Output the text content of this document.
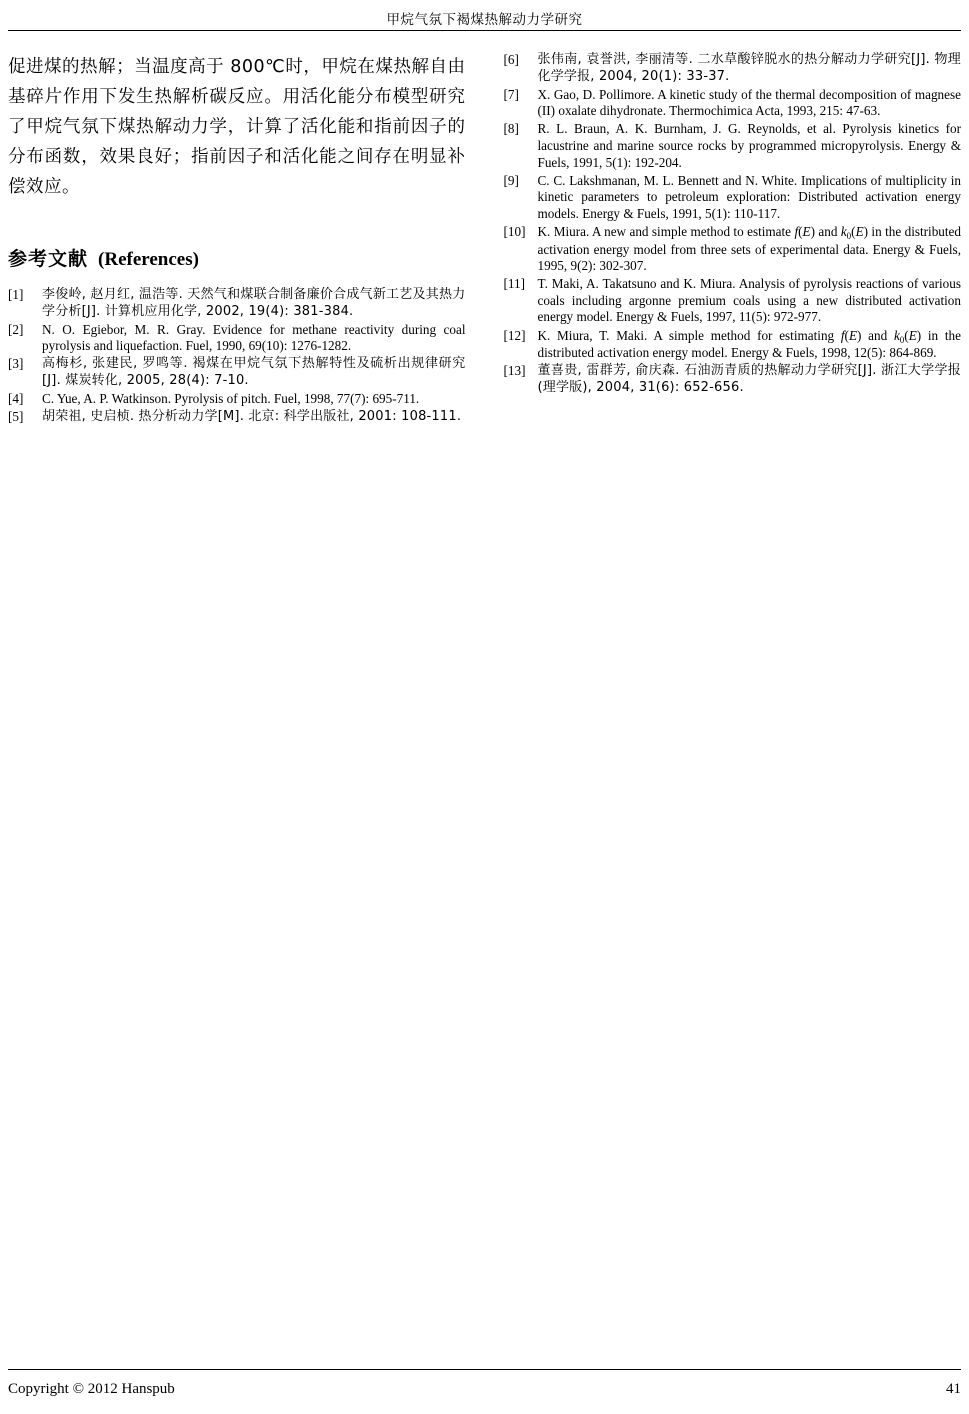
甲烷气氛下褐煤热解动力学研究
促进煤的热解；当温度高于 800℃时，甲烷在煤热解自由基碎片作用下发生热解析碳反应。用活化能分布模型研究了甲烷气氛下煤热解动力学，计算了活化能和指前因子的分布函数，效果良好；指前因子和活化能之间存在明显补偿效应。
参考文献 (References)
[1]	李俊岭, 赵月红, 温浩等. 天然气和煤联合制备廉价合成气新工艺及其热力学分析[J]. 计算机应用化学, 2002, 19(4): 381-384.
[2]	N. O. Egiebor, M. R. Gray. Evidence for methane reactivity during coal pyrolysis and liquefaction. Fuel, 1990, 69(10): 1276-1282.
[3]	高梅杉, 张建民, 罗鸣等. 褐煤在甲烷气氛下热解特性及硫析出规律研究[J]. 煤炭转化, 2005, 28(4): 7-10.
[4]	C. Yue, A. P. Watkinson. Pyrolysis of pitch. Fuel, 1998, 77(7): 695-711.
[5]	胡荣祖, 史启桢. 热分析动力学[M]. 北京: 科学出版社, 2001: 108-111.
[6]	张伟南, 袁誉洪, 李丽清等. 二水草酸锌脱水的热分解动力学研究[J]. 物理化学学报, 2004, 20(1): 33-37.
[7]	X. Gao, D. Pollimore. A kinetic study of the thermal decomposition of magnese (II) oxalate dihydronate. Thermochimica Acta, 1993, 215: 47-63.
[8]	R. L. Braun, A. K. Burnham, J. G. Reynolds, et al. Pyrolysis kinetics for lacustrine and marine source rocks by programmed micropyrolysis. Energy & Fuels, 1991, 5(1): 192-204.
[9]	C. C. Lakshmanan, M. L. Bennett and N. White. Implications of multiplicity in kinetic parameters to petroleum exploration: Distributed activation energy models. Energy & Fuels, 1991, 5(1): 110-117.
[10] K. Miura. A new and simple method to estimate f(E) and $k_0(E)$ in the distributed activation energy model from three sets of experimental data. Energy & Fuels, 1995, 9(2): 302-307.
[11] T. Maki, A. Takatsuno and K. Miura. Analysis of pyrolysis reactions of various coals including argonne premium coals using a new distributed activation energy model. Energy & Fuels, 1997, 11(5): 972-977.
[12] K. Miura, T. Maki. A simple method for estimating f(E) and $k_0(E)$ in the distributed activation energy model. Energy & Fuels, 1998, 12(5): 864-869.
[13] 董喜贵, 雷群芳, 俞庆森. 石油沥青质的热解动力学研究[J]. 浙江大学学报(理学版), 2004, 31(6): 652-656.
Copyright © 2012 Hanspub	41
